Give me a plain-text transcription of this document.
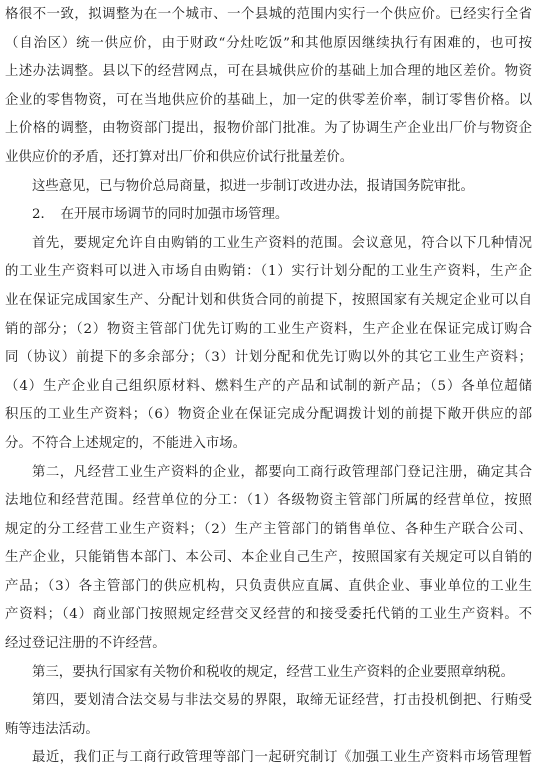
格很不一致，拟调整为在一个城市、一个县城的范围内实行一个供应价。已经实行全省
（自治区）统一供应价，由于财政“分灶吃饭”和其他原因继续执行有困难的，也可按
上述办法调整。县以下的经营网点，可在县城供应价的基础上加合理的地区差价。物资
企业的零售物资，可在当地供应价的基础上，加一定的供零差价率，制订零售价格。以
上价格的调整，由物资部门提出，报物价部门批准。为了协调生产企业出厂价与物资企
业供应价的矛盾，还打算对出厂价和供应价试行批量差价。
这些意见，已与物价总局商量，拟进一步制订改进办法，报请国务院审批。
2．　在开展市场调节的同时加强市场管理。
首先，要规定允许自由购销的工业生产资料的范围。会议意见，符合以下几种情况
的工业生产资料可以进入市场自由购销：（1）实行计划分配的工业生产资料，生产企
业在保证完成国家生产、分配计划和供货合同的前提下，按照国家有关规定企业可以自
销的部分；（2）物资主管部门优先订购的工业生产资料，生产企业在保证完成订购合
同（协议）前提下的多余部分；（3）计划分配和优先订购以外的其它工业生产资料；
（4）生产企业自己组织原材料、燃料生产的产品和试制的新产品；（5）各单位超储
积压的工业生产资料；（6）物资企业在保证完成分配调拨计划的前提下敞开供应的部
分。不符合上述规定的，不能进入市场。
第二，凡经营工业生产资料的企业，都要向工商行政管理部门登记注册，确定其合
法地位和经营范围。经营单位的分工：（1）各级物资主管部门所属的经营单位，按照
规定的分工经营工业生产资料；（2）生产主管部门的销售单位、各种生产联合公司、
生产企业，只能销售本部门、本公司、本企业自己生产，按照国家有关规定可以自销的
产品；（3）各主管部门的供应机构，只负责供应直属、直供企业、事业单位的工业生
产资料；（4）商业部门按照规定经营交叉经营的和接受委托代销的工业生产资料。不
经过登记注册的不许经营。
第三，要执行国家有关物价和税收的规定，经营工业生产资料的企业要照章纳税。
第四，要划清合法交易与非法交易的界限，取缔无证经营，打击投机倒把、行贿受
贿等违法活动。
最近，我们正与工商行政管理等部门一起研究制订《加强工业生产资料市场管理暂
